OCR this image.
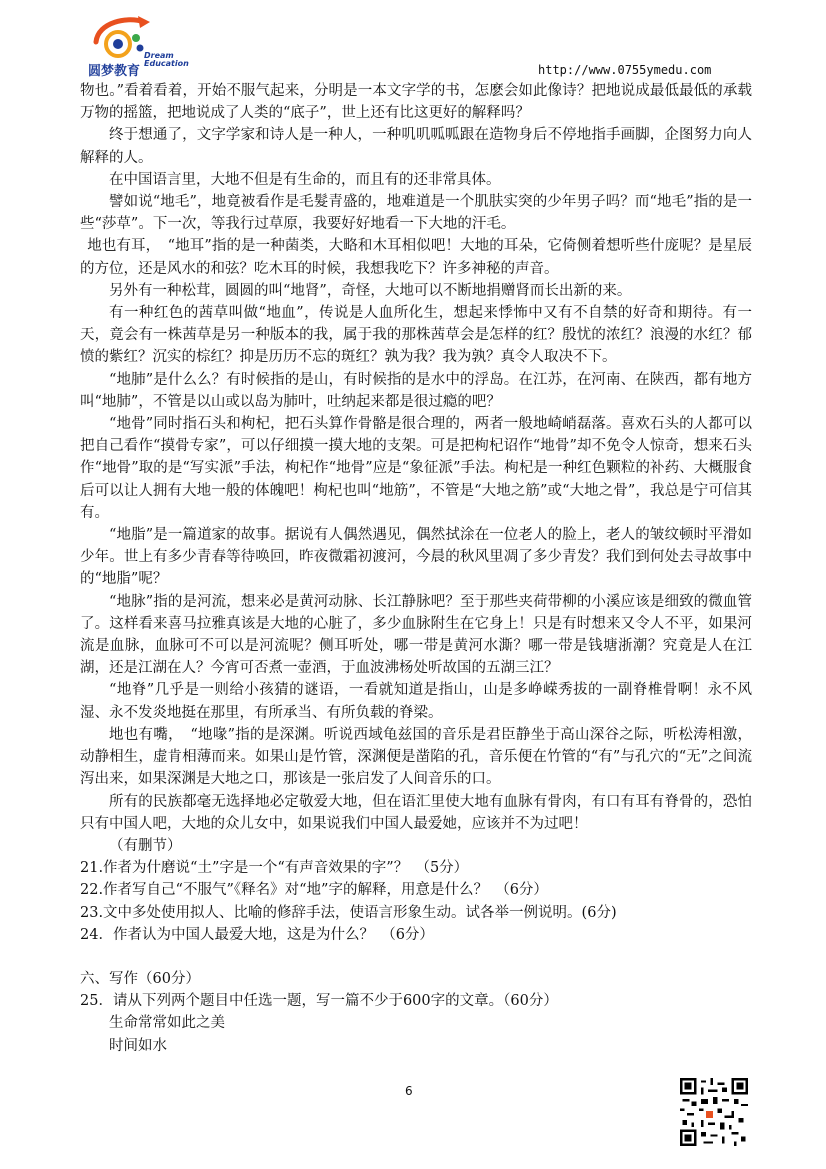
圆梦教育
Dream
Education	http://www.0755ymedu.com

物也。”看着看着，开始不服气起来，分明是一本文字学的书，怎麽会如此像诗？把地说成最低最低的承载万物的摇篮，把地说成了人类的“底子”，世上还有比这更好的解释吗？

终于想通了，文字学家和诗人是一种人，一种叽叽呱呱跟在造物身后不停地指手画脚，企图努力向人解释的人。

在中国语言里，大地不但是有生命的，而且有的还非常具体。

譬如说“地毛”，地竟被看作是毛髮青盛的，地难道是一个肌肤实突的少年男子吗？而“地毛”指的是一些“莎草”。下一次，等我行过草原，我要好好地看一下大地的汗毛。

地也有耳，　“地耳”指的是一种菌类，大略和木耳相似吧！大地的耳朵，它倚侧着想听些什庞呢？是星辰的方位，还是风水的和弦？吃木耳的时候，我想我吃下？许多神秘的声音。

另外有一种松茸，圆圆的叫“地肾”，奇怪，大地可以不断地捐赠肾而长出新的来。

有一种红色的茜草叫做“地血”，传说是人血所化生，想起来悸怖中又有不自禁的好奇和期待。有一天，竟会有一株茜草是另一种版本的我，属于我的那株茜草会是怎样的红？殷忧的浓红？浪漫的水红？郁愤的紫红？沉实的棕红？抑是历历不忘的斑红？孰为我？我为孰？真令人取决不下。

“地肺”是什么么？有时候指的是山，有时候指的是水中的浮岛。在江苏，在河南、在陕西，都有地方叫“地肺”，不管是以山或以岛为肺叶，吐纳起来都是很过瘾的吧？

“地骨”同时指石头和枸杞，把石头算作骨骼是很合理的，两者一般地崎峭磊落。喜欢石头的人都可以把自己看作“摸骨专家”，可以仔细摸一摸大地的支架。可是把枸杞诏作“地骨”却不免令人惊奇，想来石头作“地骨”取的是“写实派”手法，枸杞作“地骨”应是“象征派”手法。枸杞是一种红色颗粒的补药、大概服食后可以让人拥有大地一般的体魄吧！枸杞也叫“地筋”，不管是“大地之筋”或“大地之骨”，我总是宁可信其有。

“地脂”是一篇道家的故事。据说有人偶然遇见，偶然拭涂在一位老人的脸上，老人的皱纹顿时平滑如少年。世上有多少青春等待唤回，昨夜微霜初渡河，今晨的秋风里凋了多少青发？我们到何处去寻故事中的“地脂”呢？

“地脉”指的是河流，想来必是黄河动脉、长江静脉吧？至于那些夹荷带柳的小溪应该是细致的微血管了。这样看来喜马拉雅真该是大地的心脏了，多少血脉附生在它身上！只是有时想来又令人不平，如果河流是血脉，血脉可不可以是河流呢？侧耳听处，哪一带是黄河水澌？哪一带是钱塘浙潮？究竟是人在江湖，还是江湖在人？今宵可否煮一壶酒，于血波沸杨处听故国的五湖三江？

“地脊”几乎是一则给小孩猜的谜语，一看就知道是指山，山是多峥嵘秀拔的一副脊椎骨啊！永不风湿、永不发炎地挺在那里，有所承当、有所负载的脊梁。

地也有嘴，　“地喙”指的是深渊。听说西域龟兹国的音乐是君臣静坐于高山深谷之际，听松涛相激，动静相生，虚肯相薄而来。如果山是竹管，深渊便是凿陷的孔，音乐便在竹管的“有”与孔穴的“无”之间流泻出来，如果深渊是大地之口，那该是一张启发了人间音乐的口。

所有的民族都毫无选择地必定敬爱大地，但在语汇里使大地有血脉有骨肉，有口有耳有脊骨的，恐怕只有中国人吧，大地的众儿女中，如果说我们中国人最爱她，应该并不为过吧！

（有删节）

21.作者为什磨说“土”字是一个“有声音效果的字”？　（5分）

22.作者写自己“不服气”《释名》对“地”字的解释，用意是什么？　（6分）

23.文中多处使用拟人、比喻的修辞手法，使语言形象生动。试各举一例说明。(6分)

24．作者认为中国人最爱大地，这是为什么？　（6分）

六、写作（60分）

25．请从下列两个题目中任选一题，写一篇不少于600字的文章。（60分）

生命常常如此之美

时间如水

6
